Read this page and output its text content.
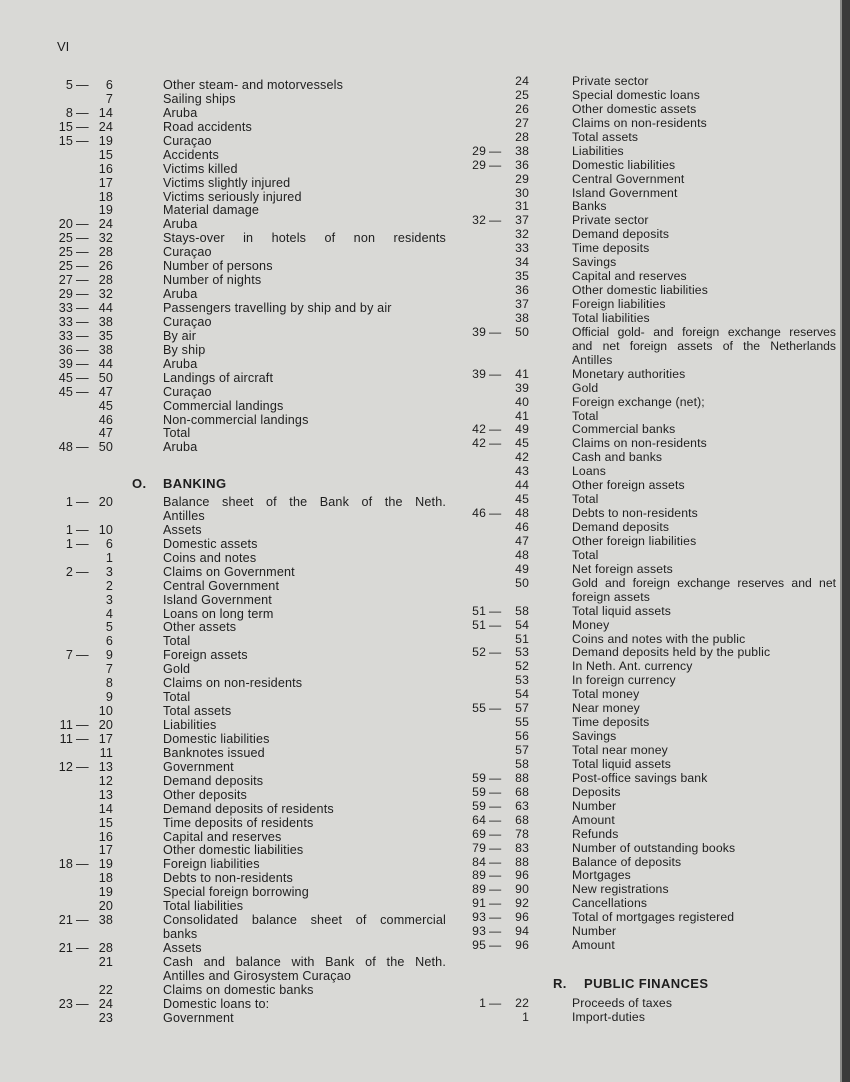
VI
5 —	6	Other steam- and motorvessels
7	Sailing ships
8 — 14	Aruba
15 — 24	Road accidents
15 — 19	Curaçao
15	Accidents
16	Victims killed
17	Victims slightly injured
18	Victims seriously injured
19	Material damage
20 — 24	Aruba
25 — 32	Stays-over in hotels of non residents
25 — 28	Curaçao
25 — 26	Number of persons
27 — 28	Number of nights
29 — 32	Aruba
33 — 44	Passengers travelling by ship and by air
33 — 38	Curaçao
33 — 35	By air
36 — 38	By ship
39 — 44	Aruba
45 — 50	Landings of aircraft
45 — 47	Curaçao
45	Commercial landings
46	Non-commercial landings
47	Total
48 — 50	Aruba
O. BANKING
1 — 20	Balance sheet of the Bank of the Neth.
Antilles
1 — 10	Assets
1 —	6	Domestic assets
1	Coins and notes
2 —	3	Claims on Government
2	Central Government
3	Island Government
4	Loans on long term
5	Other assets
6	Total
7 —	9	Foreign assets
7	Gold
8	Claims on non-residents
9	Total
10	Total assets
11 — 20	Liabilities
11 — 17	Domestic liabilities
11	Banknotes issued
12 — 13	Government
12	Demand deposits
13	Other deposits
14	Demand deposits of residents
15	Time deposits of residents
16	Capital and reserves
17	Other domestic liabilities
18 — 19	Foreign liabilities
18	Debts to non-residents
19	Special foreign borrowing
20	Total liabilities
21 — 38	Consolidated balance sheet of commercial
banks
21 — 28	Assets
21	Cash and balance with Bank of the Neth.
Antilles and Girosystem Curaçao
22	Claims on domestic banks
23 — 24	Domestic loans to:
23	Government
24	Private sector
25	Special domestic loans
26	Other domestic assets
27	Claims on non-residents
28	Total assets
29 —	38	Liabilities
29 —	36	Domestic liabilities
29	Central Government
30	Island Government
31	Banks
32 —	37	Private sector
32	Demand deposits
33	Time deposits
34	Savings
35	Capital and reserves
36	Other domestic liabilities
37	Foreign liabilities
38	Total liabilities
39 —	50	Official gold- and foreign exchange reserves
and net foreign assets of the Netherlands
Antilles
39 —	41	Monetary authorities
39	Gold
40	Foreign exchange (net);
41	Total
42 —	49	Commercial banks
42 —	45	Claims on non-residents
42	Cash and banks
43	Loans
44	Other foreign assets
45	Total
46 —	48	Debts to non-residents
46	Demand deposits
47	Other foreign liabilities
48	Total
49	Net foreign assets
50	Gold and foreign exchange reserves and net
foreign assets
51 —	58	Total liquid assets
51 —	54	Money
51	Coins and notes with the public
52 —	53	Demand deposits held by the public
52	In Neth. Ant. currency
53	In foreign currency
54	Total money
55 —	57	Near money
55	Time deposits
56	Savings
57	Total near money
58	Total liquid assets
59 —	88	Post-office savings bank
59 —	68	Deposits
59 —	63	Number
64 —	68	Amount
69 —	78	Refunds
79 —	83	Number of outstanding books
84 —	88	Balance of deposits
89 —	96	Mortgages
89 —	90	New registrations
91 —	92	Cancellations
93 —	96	Total of mortgages registered
93 —	94	Number
95 —	96	Amount
R. PUBLIC FINANCES
1 —	22	Proceeds of taxes
1	Import-duties
